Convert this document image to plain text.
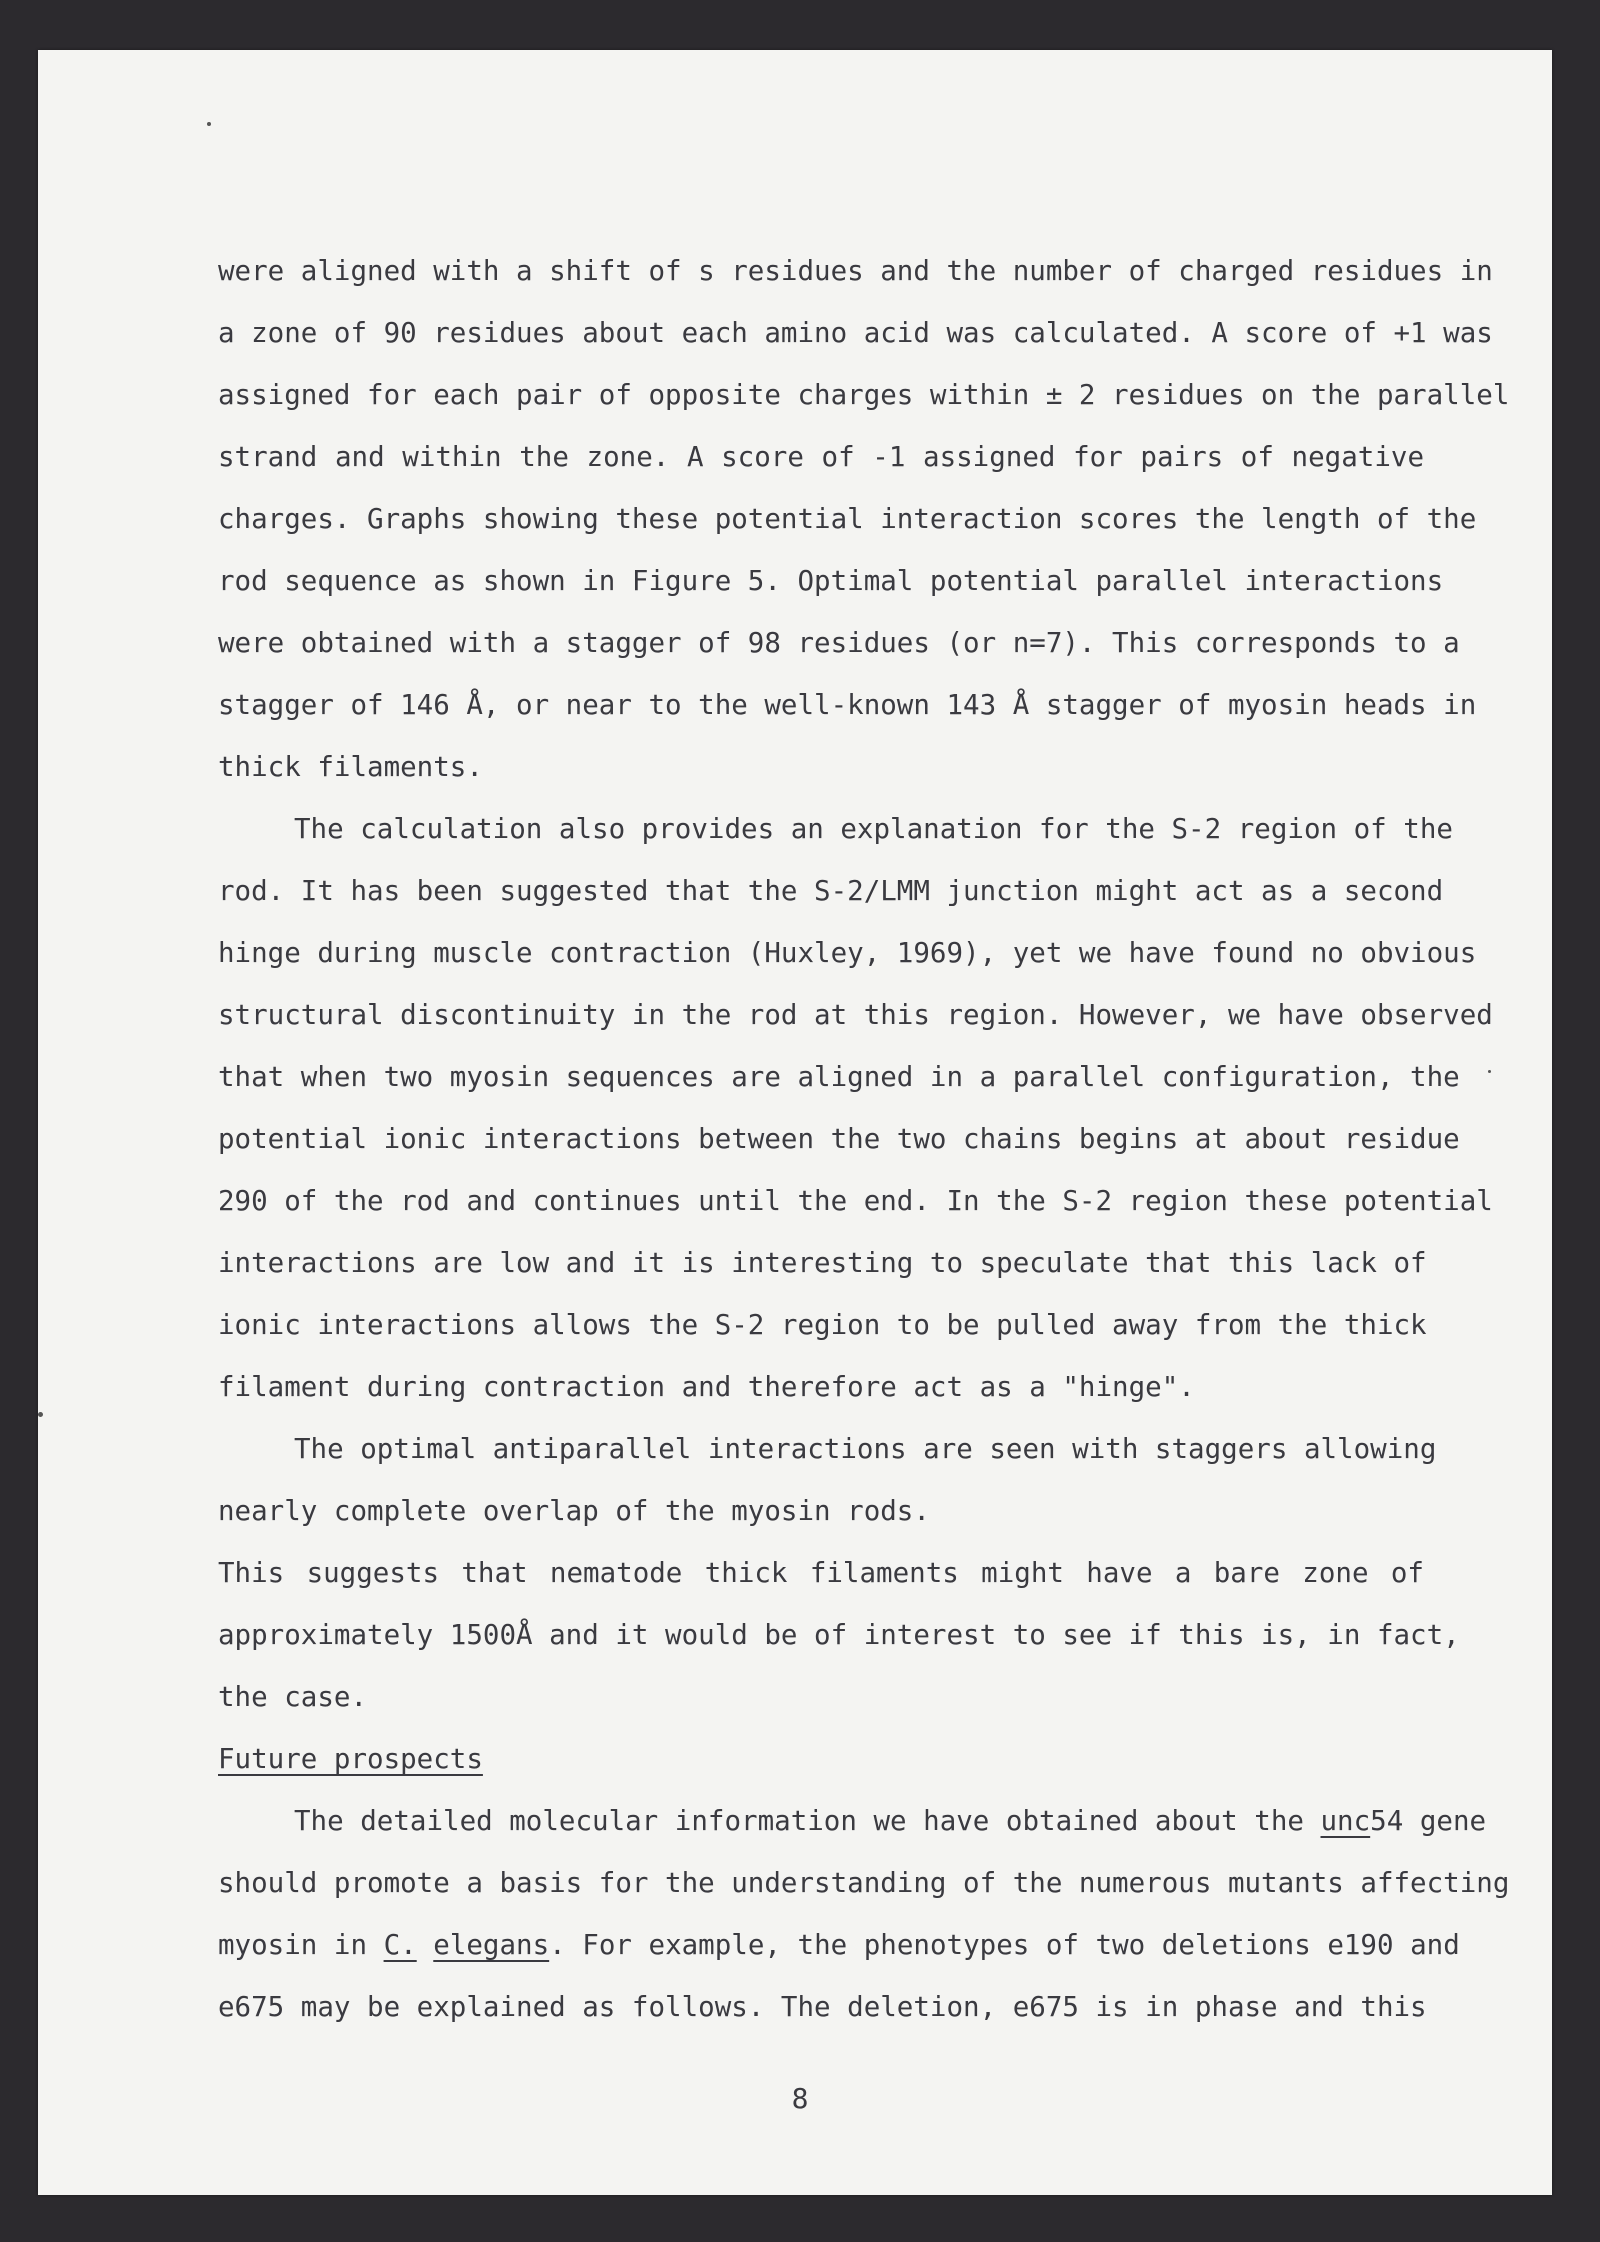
were aligned with a shift of s residues and the number of charged residues in
a zone of 90 residues about each amino acid was calculated. A score of +1 was
assigned for each pair of opposite charges within ± 2 residues on the parallel
strand and within the zone. A score of -1 assigned for pairs of negative
charges. Graphs showing these potential interaction scores the length of the
rod sequence as shown in Figure 5. Optimal potential parallel interactions
were obtained with a stagger of 98 residues (or n=7). This corresponds to a
stagger of 146 Å, or near to the well-known 143 Å stagger of myosin heads in
thick filaments.

The calculation also provides an explanation for the S-2 region of the
rod. It has been suggested that the S-2/LMM junction might act as a second
hinge during muscle contraction (Huxley, 1969), yet we have found no obvious
structural discontinuity in the rod at this region. However, we have observed
that when two myosin sequences are aligned in a parallel configuration, the
potential ionic interactions between the two chains begins at about residue
290 of the rod and continues until the end. In the S-2 region these potential
interactions are low and it is interesting to speculate that this lack of
ionic interactions allows the S-2 region to be pulled away from the thick
filament during contraction and therefore act as a "hinge".

The optimal antiparallel interactions are seen with staggers allowing
nearly complete overlap of the myosin rods.

This suggests that nematode thick filaments might have a bare zone of
approximately 1500Å and it would be of interest to see if this is, in fact,
the case.

Future prospects

The detailed molecular information we have obtained about the unc54 gene
should promote a basis for the understanding of the numerous mutants affecting
myosin in C. elegans. For example, the phenotypes of two deletions e190 and
e675 may be explained as follows. The deletion, e675 is in phase and this

8
